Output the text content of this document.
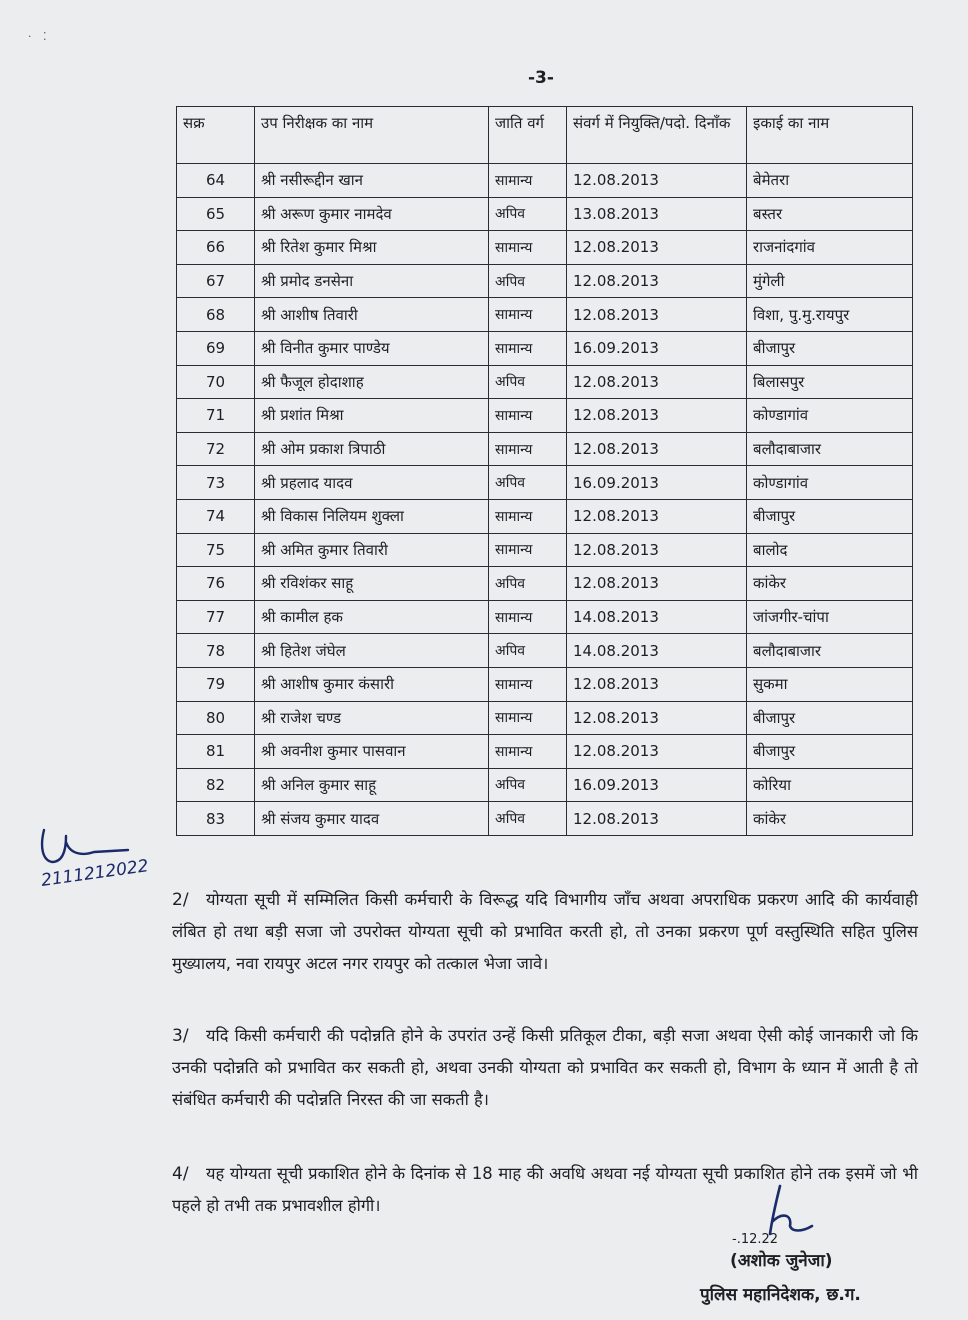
· ⁚
-3-
सक्र	उप निरीक्षक का नाम	जाति वर्ग	संवर्ग में नियुक्ति/पदो. दिनाँक	इकाई का नाम
64	श्री नसीरूद्दीन खान	सामान्य	12.08.2013	बेमेतरा
65	श्री अरूण कुमार नामदेव	अपिव	13.08.2013	बस्तर
66	श्री रितेश कुमार मिश्रा	सामान्य	12.08.2013	राजनांदगांव
67	श्री प्रमोद डनसेना	अपिव	12.08.2013	मुंगेली
68	श्री आशीष तिवारी	सामान्य	12.08.2013	विशा, पु.मु.रायपुर
69	श्री विनीत कुमार पाण्डेय	सामान्य	16.09.2013	बीजापुर
70	श्री फैजूल होदाशाह	अपिव	12.08.2013	बिलासपुर
71	श्री प्रशांत मिश्रा	सामान्य	12.08.2013	कोण्डागांव
72	श्री ओम प्रकाश त्रिपाठी	सामान्य	12.08.2013	बलौदाबाजार
73	श्री प्रहलाद यादव	अपिव	16.09.2013	कोण्डागांव
74	श्री विकास निलियम शुक्ला	सामान्य	12.08.2013	बीजापुर
75	श्री अमित कुमार तिवारी	सामान्य	12.08.2013	बालोद
76	श्री रविशंकर साहू	अपिव	12.08.2013	कांकेर
77	श्री कामील हक	सामान्य	14.08.2013	जांजगीर-चांपा
78	श्री हितेश जंघेल	अपिव	14.08.2013	बलौदाबाजार
79	श्री आशीष कुमार कंसारी	सामान्य	12.08.2013	सुकमा
80	श्री राजेश चण्ड	सामान्य	12.08.2013	बीजापुर
81	श्री अवनीश कुमार पासवान	सामान्य	12.08.2013	बीजापुर
82	श्री अनिल कुमार साहू	अपिव	16.09.2013	कोरिया
83	श्री संजय कुमार यादव	अपिव	12.08.2013	कांकेर
2111212022
2/ योग्यता सूची में सम्मिलित किसी कर्मचारी के विरूद्ध यदि विभागीय जाँच अथवा अपराधिक प्रकरण आदि की कार्यवाही लंबित हो तथा बड़ी सजा जो उपरोक्त योग्यता सूची को प्रभावित करती हो, तो उनका प्रकरण पूर्ण वस्तुस्थिति सहित पुलिस मुख्यालय, नवा रायपुर अटल नगर रायपुर को तत्काल भेजा जावे।
3/ यदि किसी कर्मचारी की पदोन्नति होने के उपरांत उन्हें किसी प्रतिकूल टीका, बड़ी सजा अथवा ऐसी कोई जानकारी जो कि उनकी पदोन्नति को प्रभावित कर सकती हो, अथवा उनकी योग्यता को प्रभावित कर सकती हो, विभाग के ध्यान में आती है तो संबंधित कर्मचारी की पदोन्नति निरस्त की जा सकती है।
4/ यह योग्यता सूची प्रकाशित होने के दिनांक से 18 माह की अवधि अथवा नई योग्यता सूची प्रकाशित होने तक इसमें जो भी पहले हो तभी तक प्रभावशील होगी।
-.12.22
(अशोक जुनेजा)
पुलिस महानिदेशक, छ.ग.
